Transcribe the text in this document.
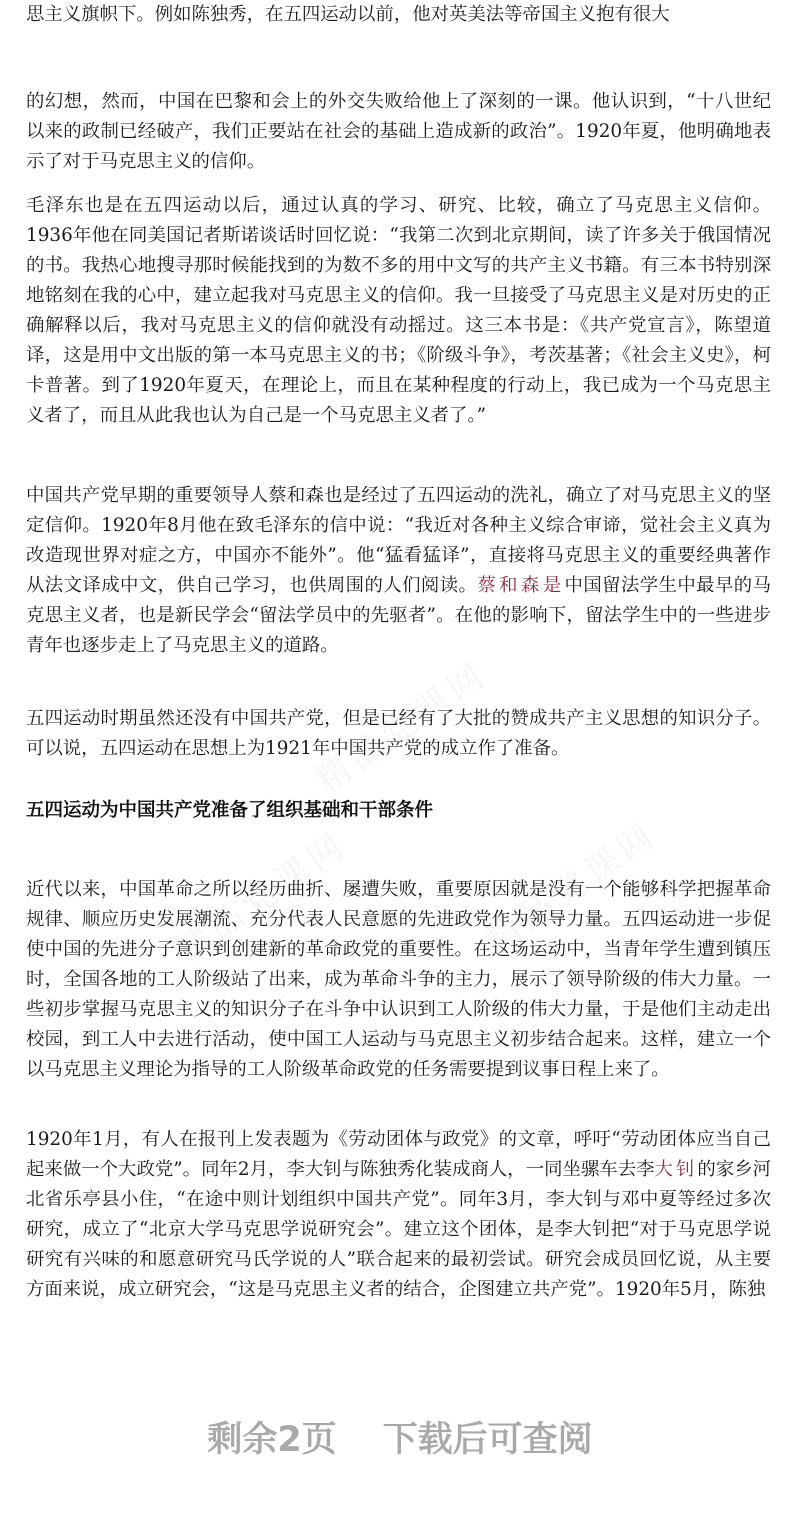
思主义旗帜下。例如陈独秀，在五四运动以前，他对英美法等帝国主义抱有很大

的幻想，然而，中国在巴黎和会上的外交失败给他上了深刻的一课。他认识到，“十八世纪以来的政制已经破产，我们正要站在社会的基础上造成新的政治”。1920年夏，他明确地表示了对于马克思主义的信仰。

毛泽东也是在五四运动以后，通过认真的学习、研究、比较，确立了马克思主义信仰。1936年他在同美国记者斯诺谈话时回忆说：“我第二次到北京期间，读了许多关于俄国情况的书。我热心地搜寻那时候能找到的为数不多的用中文写的共产主义书籍。有三本书特别深地铭刻在我的心中，建立起我对马克思主义的信仰。我一旦接受了马克思主义是对历史的正确解释以后，我对马克思主义的信仰就没有动摇过。这三本书是：《共产党宣言》，陈望道译，这是用中文出版的第一本马克思主义的书；《阶级斗争》，考茨基著；《社会主义史》，柯卡普著。到了1920年夏天，在理论上，而且在某种程度的行动上，我已成为一个马克思主义者了，而且从此我也认为自己是一个马克思主义者了。”

中国共产党早期的重要领导人蔡和森也是经过了五四运动的洗礼，确立了对马克思主义的坚定信仰。1920年8月他在致毛泽东的信中说：“我近对各种主义综合审谛，觉社会主义真为改造现世界对症之方，中国亦不能外”。他“猛看猛译”，直接将马克思主义的重要经典著作从法文译成中文，供自己学习，也供周围的人们阅读。蔡和森是中国留法学生中最早的马克思主义者，也是新民学会“留法学员中的先驱者”。在他的影响下，留法学生中的一些进步青年也逐步走上了马克思主义的道路。

五四运动时期虽然还没有中国共产党，但是已经有了大批的赞成共产主义思想的知识分子。可以说，五四运动在思想上为1921年中国共产党的成立作了准备。

五四运动为中国共产党准备了组织基础和干部条件

近代以来，中国革命之所以经历曲折、屡遭失败，重要原因就是没有一个能够科学把握革命规律、顺应历史发展潮流、充分代表人民意愿的先进政党作为领导力量。五四运动进一步促使中国的先进分子意识到创建新的革命政党的重要性。在这场运动中，当青年学生遭到镇压时，全国各地的工人阶级站了出来，成为革命斗争的主力，展示了领导阶级的伟大力量。一些初步掌握马克思主义的知识分子在斗争中认识到工人阶级的伟大力量，于是他们主动走出校园，到工人中去进行活动，使中国工人运动与马克思主义初步结合起来。这样，建立一个以马克思主义理论为指导的工人阶级革命政党的任务需要提到议事日程上来了。

1920年1月，有人在报刊上发表题为《劳动团体与政党》的文章，呼吁“劳动团体应当自己起来做一个大政党”。同年2月，李大钊与陈独秀化装成商人，一同坐骡车去李大钊的家乡河北省乐亭县小住，“在途中则计划组织中国共产党”。同年3月，李大钊与邓中夏等经过多次研究，成立了“北京大学马克思学说研究会”。建立这个团体，是李大钊把“对于马克思学说研究有兴味的和愿意研究马氏学说的人”联合起来的最初尝试。研究会成员回忆说，从主要方面来说，成立研究会，“这是马克思主义者的结合，企图建立共产党”。1920年5月，陈独

剩余2页 下载后可查阅
